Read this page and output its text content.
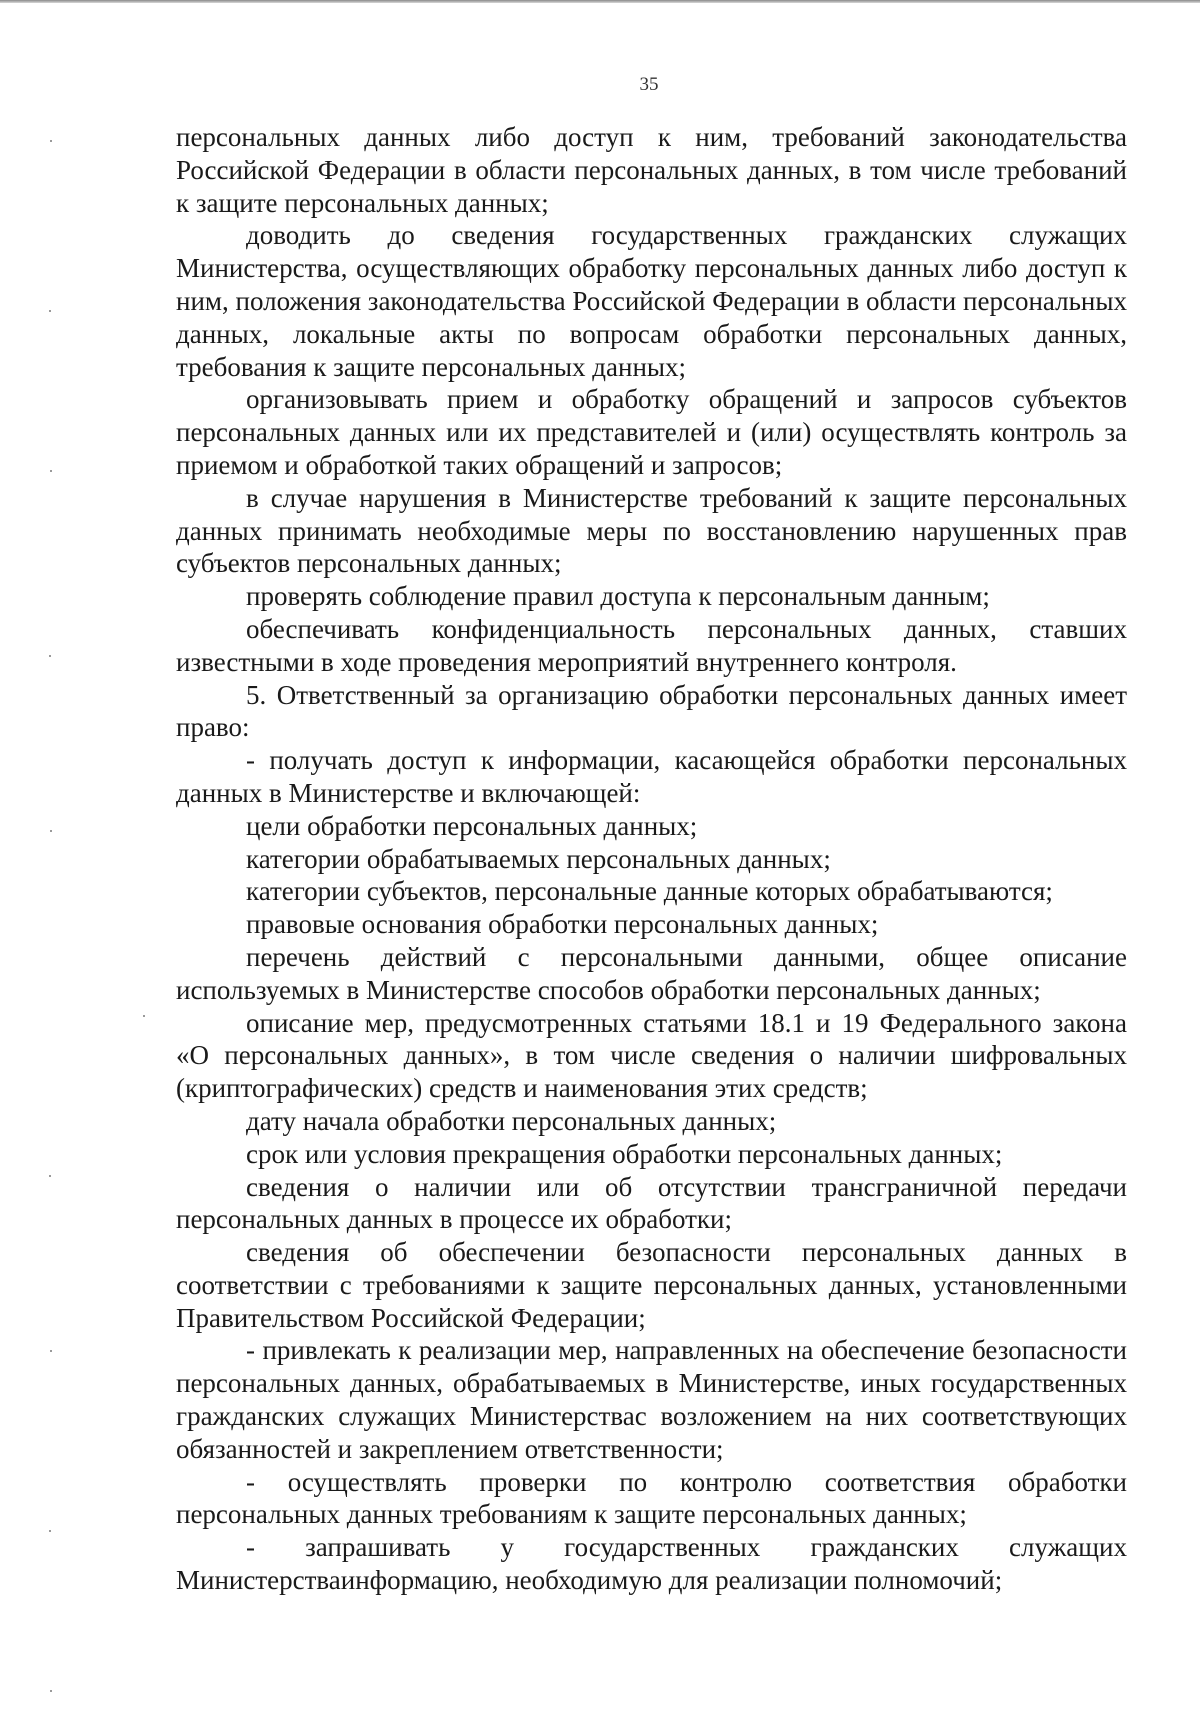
35

персональных данных либо доступ к ним, требований законодательства Российской Федерации в области персональных данных, в том числе требований к защите персональных данных;

доводить до сведения государственных гражданских служащих Министерства, осуществляющих обработку персональных данных либо доступ к ним, положения законодательства Российской Федерации в области персональных данных, локальные акты по вопросам обработки персональных данных, требования к защите персональных данных;

организовывать прием и обработку обращений и запросов субъектов персональных данных или их представителей и (или) осуществлять контроль за приемом и обработкой таких обращений и запросов;

в случае нарушения в Министерстве требований к защите персональных данных принимать необходимые меры по восстановлению нарушенных прав субъектов персональных данных;

проверять соблюдение правил доступа к персональным данным;

обеспечивать конфиденциальность персональных данных, ставших известными в ходе проведения мероприятий внутреннего контроля.

5. Ответственный за организацию обработки персональных данных имеет право:

- получать доступ к информации, касающейся обработки персональных данных в Министерстве и включающей:

цели обработки персональных данных;

категории обрабатываемых персональных данных;

категории субъектов, персональные данные которых обрабатываются;

правовые основания обработки персональных данных;

перечень действий с персональными данными, общее описание используемых в Министерстве способов обработки персональных данных;

описание мер, предусмотренных статьями 18.1 и 19 Федерального закона «О персональных данных», в том числе сведения о наличии шифровальных (криптографических) средств и наименования этих средств;

дату начала обработки персональных данных;

срок или условия прекращения обработки персональных данных;

сведения о наличии или об отсутствии трансграничной передачи персональных данных в процессе их обработки;

сведения об обеспечении безопасности персональных данных в соответствии с требованиями к защите персональных данных, установленными Правительством Российской Федерации;

- привлекать к реализации мер, направленных на обеспечение безопасности персональных данных, обрабатываемых в Министерстве, иных государственных гражданских служащих Министерствас возложением на них соответствующих обязанностей и закреплением ответственности;

- осуществлять проверки по контролю соответствия обработки персональных данных требованиям к защите персональных данных;

- запрашивать у государственных гражданских служащих Министерстваинформацию, необходимую для реализации полномочий;
